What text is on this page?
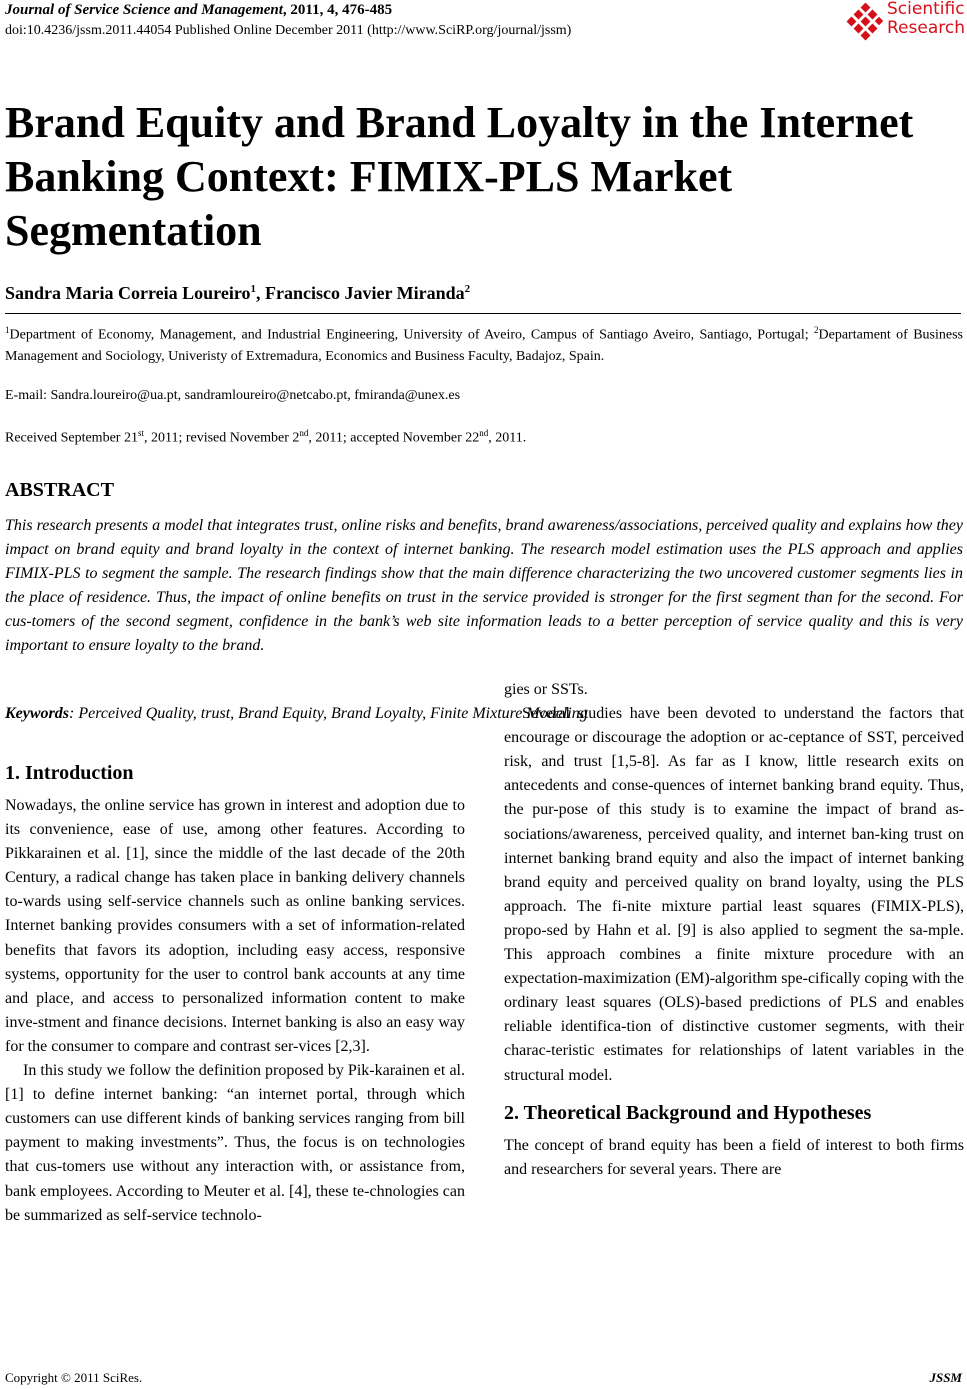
Journal of Service Science and Management, 2011, 4, 476-485
doi:10.4236/jssm.2011.44054 Published Online December 2011 (http://www.SciRP.org/journal/jssm)
Scientific
Research
Brand Equity and Brand Loyalty in the Internet Banking Context: FIMIX-PLS Market Segmentation
Sandra Maria Correia Loureiro$^1$, Francisco Javier Miranda$^2$
$^1$Department of Economy, Management, and Industrial Engineering, University of Aveiro, Campus of Santiago Aveiro, Santiago, Portugal; $^2$Departament of Business Management and Sociology, Univeristy of Extremadura, Economics and Business Faculty, Badajoz, Spain.
E-mail: Sandra.loureiro@ua.pt, sandramloureiro@netcabo.pt, fmiranda@unex.es
Received September 21st, 2011; revised November 2nd, 2011; accepted November 22nd, 2011.
ABSTRACT
This research presents a model that integrates trust, online risks and benefits, brand awareness/associations, perceived quality and explains how they impact on brand equity and brand loyalty in the context of internet banking. The research model estimation uses the PLS approach and applies FIMIX-PLS to segment the sample. The research findings show that the main difference characterizing the two uncovered customer segments lies in the place of residence. Thus, the impact of online benefits on trust in the service provided is stronger for the first segment than for the second. For cus-tomers of the second segment, confidence in the bank’s web site information leads to a better perception of service quality and this is very important to ensure loyalty to the brand.
Keywords: Perceived Quality, trust, Brand Equity, Brand Loyalty, Finite Mixture Modeling
1. Introduction

Nowadays, the online service has grown in interest and adoption due to its convenience, ease of use, among other features. According to Pikkarainen et al. [1], since the middle of the last decade of the 20th Century, a radical change has taken place in banking delivery channels to-wards using self-service channels such as online banking services. Internet banking provides consumers with a set of information-related benefits that favors its adoption, including easy access, responsive systems, opportunity for the user to control bank accounts at any time and place, and access to personalized information content to make inve-stment and finance decisions. Internet banking is also an easy way for the consumer to compare and contrast ser-vices [2,3].

In this study we follow the definition proposed by Pik-karainen et al. [1] to define internet banking: “an internet portal, through which customers can use different kinds of banking services ranging from bill payment to making investments”. Thus, the focus is on technologies that cus-tomers use without any interaction with, or assistance from, bank employees. According to Meuter et al. [4], these te-chnologies can be summarized as self-service technolo-

gies or SSTs.

Several studies have been devoted to understand the factors that encourage or discourage the adoption or ac-ceptance of SST, perceived risk, and trust [1,5-8]. As far as I know, little research exits on antecedents and conse-quences of internet banking brand equity. Thus, the pur-pose of this study is to examine the impact of brand as-sociations/awareness, perceived quality, and internet ban-king trust on internet banking brand equity and also the impact of internet banking brand equity and perceived quality on brand loyalty, using the PLS approach. The fi-nite mixture partial least squares (FIMIX-PLS), propo-sed by Hahn et al. [9] is also applied to segment the sa-mple. This approach combines a finite mixture procedure with an expectation-maximization (EM)-algorithm spe-cifically coping with the ordinary least squares (OLS)-based predictions of PLS and enables reliable identifica-tion of distinctive customer segments, with their charac-teristic estimates for relationships of latent variables in the structural model.

2. Theoretical Background and Hypotheses

The concept of brand equity has been a field of interest to both firms and researchers for several years. There are

Copyright © 2011 SciRes.	JSSM
